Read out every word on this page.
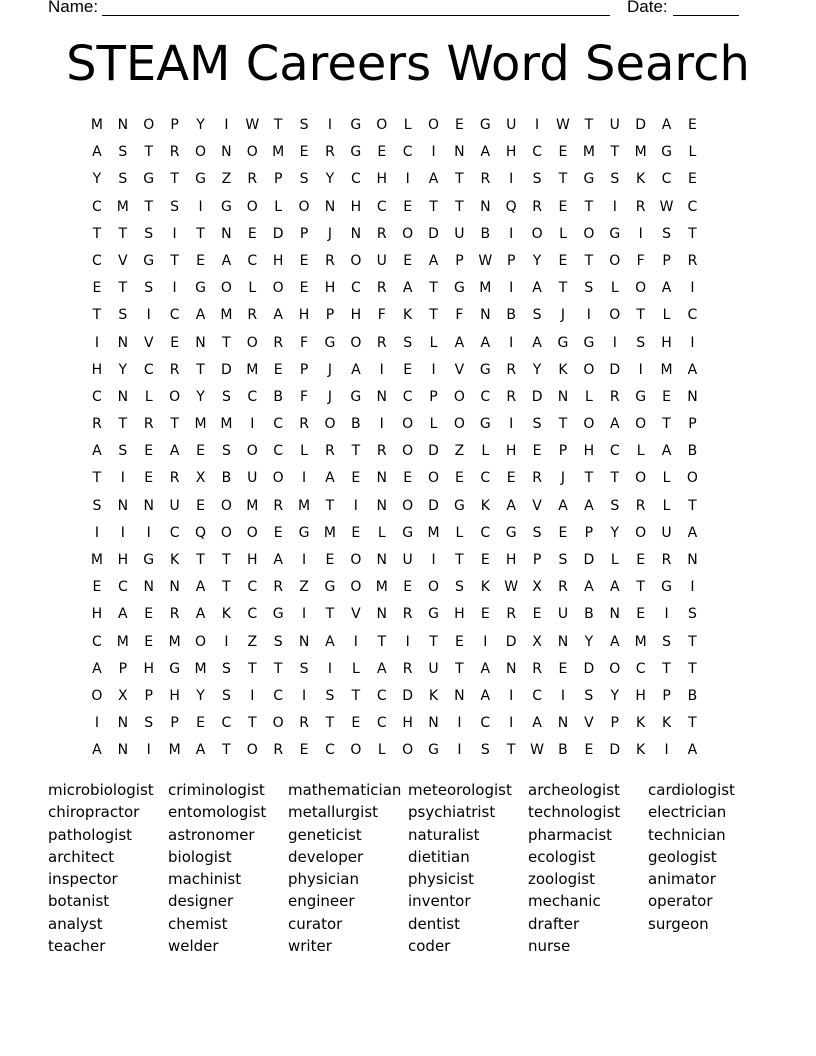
Name:	Date:
STEAM Careers Word Search
M	N	O	P	Y	I	W	T	S	I	G	O	L	O	E	G	U	I	W	T	U	D	A	E
A	S	T	R	O	N	O	M	E	R	G	E	C	I	N	A	H	C	E	M	T	M	G	L
Y	S	G	T	G	Z	R	P	S	Y	C	H	I	A	T	R	I	S	T	G	S	K	C	E
C	M	T	S	I	G	O	L	O	N	H	C	E	T	T	N	Q	R	E	T	I	R	W	C
T	T	S	I	T	N	E	D	P	J	N	R	O	D	U	B	I	O	L	O	G	I	S	T
C	V	G	T	E	A	C	H	E	R	O	U	E	A	P	W	P	Y	E	T	O	F	P	R
E	T	S	I	G	O	L	O	E	H	C	R	A	T	G	M	I	A	T	S	L	O	A	I
T	S	I	C	A	M	R	A	H	P	H	F	K	T	F	N	B	S	J	I	O	T	L	C
I	N	V	E	N	T	O	R	F	G	O	R	S	L	A	A	I	A	G	G	I	S	H	I
H	Y	C	R	T	D	M	E	P	J	A	I	E	I	V	G	R	Y	K	O	D	I	M	A
C	N	L	O	Y	S	C	B	F	J	G	N	C	P	O	C	R	D	N	L	R	G	E	N
R	T	R	T	M M	I	C	R	O	B	I	O	L	O	G	I	S	T	O	A	O	T	P
A	S	E	A	E	S	O	C	L	R	T	R	O	D	Z	L	H	E	P	H	C	L	A	B
T	I	E	R	X	B	U	O	I	A	E	N	E	O	E	C	E	R	J	T	T	O	L	O
S	N	N	U	E	O	M	R	M	T	I	N	O	D	G	K	A	V	A	A	S	R	L	T
I	I	I	C	Q	O	O	E	G	M	E	L	G	M	L	C	G	S	E	P	Y	O	U	A
M	H	G	K	T	T	H	A	I	E	O	N	U	I	T	E	H	P	S	D	L	E	R	N
E	C	N	N	A	T	C	R	Z	G	O	M	E	O	S	K	W	X	R	A	A	T	G	I
H	A	E	R	A	K	C	G	I	T	V	N	R	G	H	E	R	E	U	B	N	E	I	S
C	M	E	M	O	I	Z	S	N	A	I	T	I	T	E	I	D	X	N	Y	A	M	S	T
A	P	H	G	M	S	T	T	S	I	L	A	R	U	T	A	N	R	E	D	O	C	T	T
O	X	P	H	Y	S	I	C	I	S	T	C	D	K	N	A	I	C	I	S	Y	H	P	B
I	N	S	P	E	C	T	O	R	T	E	C	H	N	I	C	I	A	N	V	P	K	K	T
A	N	I	M	A	T	O	R	E	C	O	L	O	G	I	S	T	W	B	E	D	K	I	A
microbiologist criminologist	mathematician meteorologist	archeologist	cardiologist
chiropractor	entomologist	metallurgist	psychiatrist	technologist	electrician
pathologist	astronomer	geneticist	naturalist	pharmacist	technician
architect	biologist	developer	dietitian	ecologist	geologist
inspector	machinist	physician	physicist	zoologist	animator
botanist	designer	engineer	inventor	mechanic	operator
analyst	chemist	curator	dentist	drafter	surgeon
teacher	welder	writer	coder	nurse
